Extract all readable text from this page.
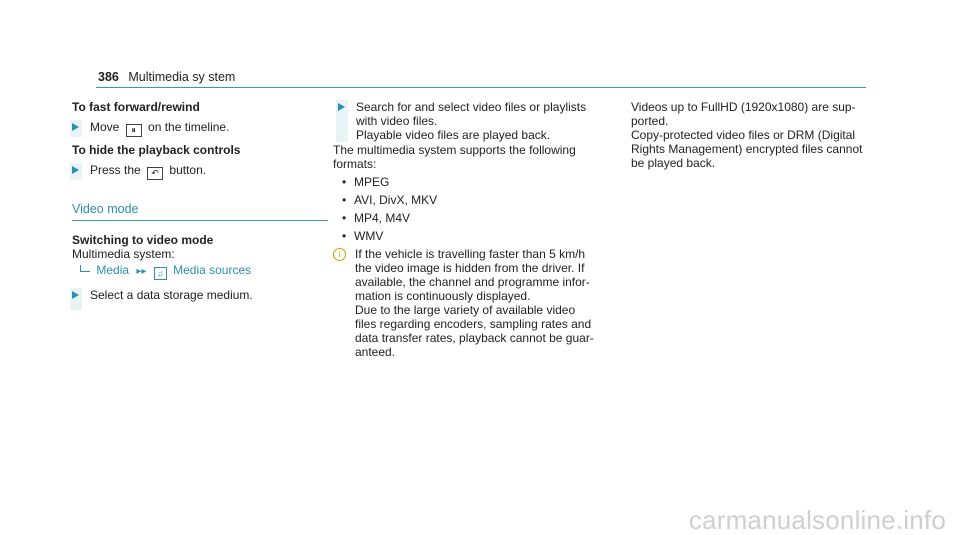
386 Multimedia sy stem
To fast forward/rewind
Move ⏸ on the timeline.
To hide the playback controls
Press the ↶ button.
Video mode
Switching to video mode
Multimedia system:
Media ▸▸ ♫ Media sources
Select a data storage medium.
Search for and select video files or playlists
with video files.
Playable video files are played back.
The multimedia system supports the following
formats:
• MPEG
• AVI, DivX, MKV
• MP4, M4V
• WMV
i	If the vehicle is travelling faster than 5 km/h
the video image is hidden from the driver. If
available, the channel and programme infor-
mation is continuously displayed.
Due to the large variety of available video
files regarding encoders, sampling rates and
data transfer rates, playback cannot be guar-
anteed.
Videos up to FullHD (1920x1080) are sup-
ported.
Copy-protected video files or DRM (Digital
Rights Management) encrypted files cannot
be played back.
carmanualsonline.info
